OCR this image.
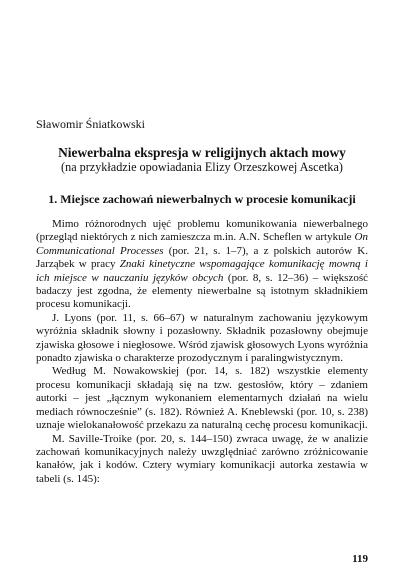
Sławomir Śniatkowski
Niewerbalna ekspresja w religijnych aktach mowy
(na przykładzie opowiadania Elizy Orzeszkowej Ascetka)
1. Miejsce zachowań niewerbalnych w procesie komunikacji

Mimo różnorodnych ujęć problemu komunikowania niewerbalnego (przegląd niektórych z nich zamieszcza m.in. A.N. Scheflen w artykule On Communicational Processes (por. 21, s. 1–7), a z polskich autorów K. Jarząbek w pracy Znaki kinetyczne wspomagające komunikację mowną i ich miejsce w nauczaniu języków obcych (por. 8, s. 12–36) – większość badaczy jest zgodna, że elementy niewerbalne są istotnym składnikiem procesu komunikacji.

J. Lyons (por. 11, s. 66–67) w naturalnym zachowaniu językowym wyróżnia składnik słowny i pozasłowny. Składnik pozasłowny obejmuje zjawiska głosowe i niegłosowe. Wśród zjawisk głosowych Lyons wyróżnia ponadto zjawiska o charakterze prozodycznym i paralingwistycznym.

Według M. Nowakowskiej (por. 14, s. 182) wszystkie elementy procesu komunikacji składają się na tzw. gestosłów, który – zdaniem autorki – jest „łącznym wykonaniem elementarnych działań na wielu mediach równocześnie” (s. 182). Również A. Kneblewski (por. 10, s. 238) uznaje wielokanałowość przekazu za naturalną cechę procesu komunikacji.

M. Saville-Troike (por. 20, s. 144–150) zwraca uwagę, że w analizie zachowań komunikacyjnych należy uwzględniać zarówno zróżnicowanie kanałów, jak i kodów. Cztery wymiary komunikacji autorka zestawia w tabeli (s. 145):

119
